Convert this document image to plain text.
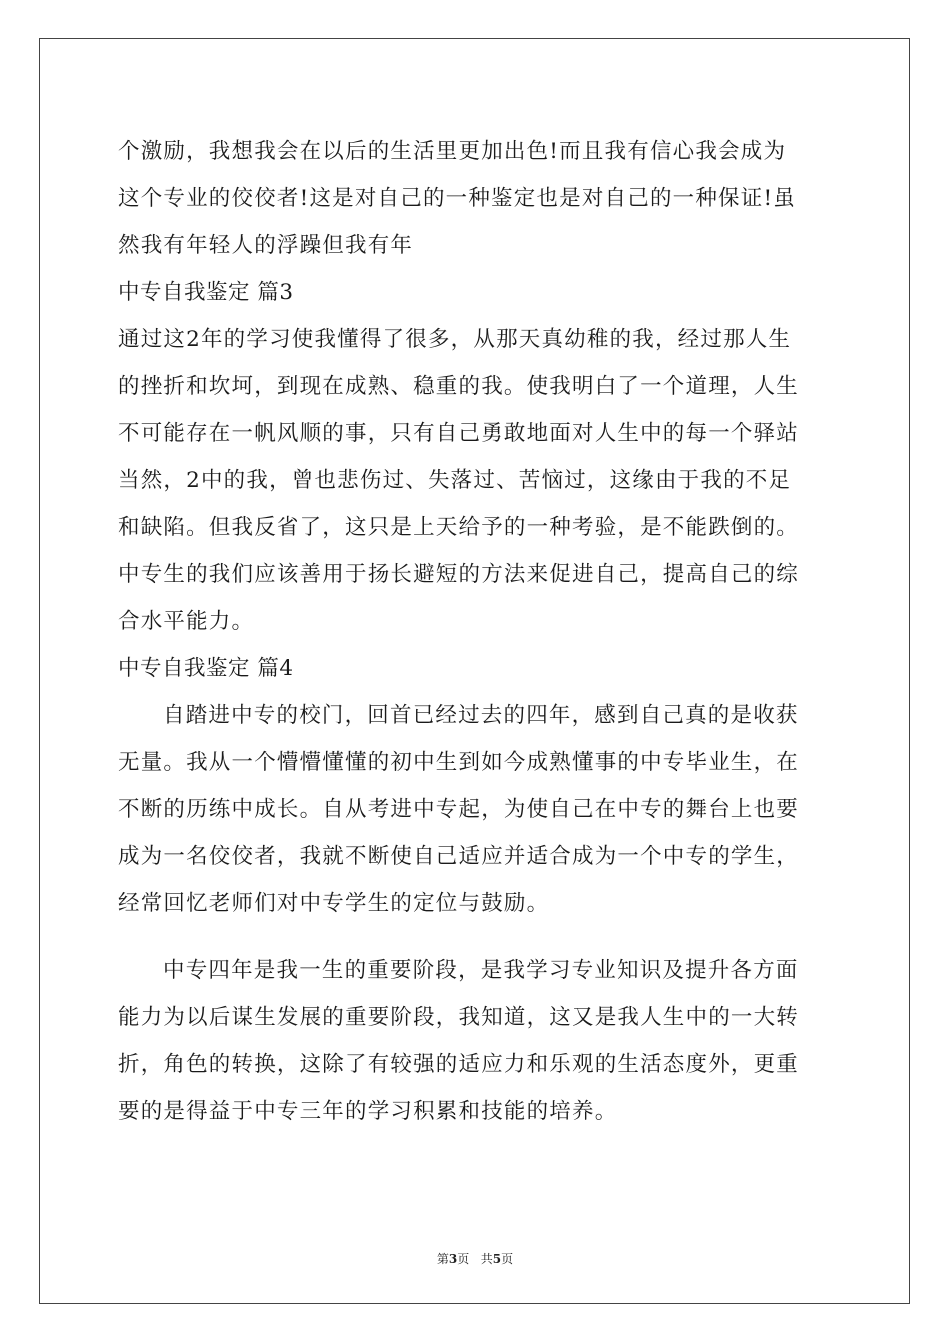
个激励，我想我会在以后的生活里更加出色!而且我有信心我会成为
这个专业的佼佼者!这是对自己的一种鉴定也是对自己的一种保证!虽
然我有年轻人的浮躁但我有年
中专自我鉴定 篇3
通过这2年的学习使我懂得了很多，从那天真幼稚的我，经过那人生
的挫折和坎坷，到现在成熟、稳重的我。使我明白了一个道理，人生
不可能存在一帆风顺的事，只有自己勇敢地面对人生中的每一个驿站
当然，2中的我，曾也悲伤过、失落过、苦恼过，这缘由于我的不足
和缺陷。但我反省了，这只是上天给予的一种考验，是不能跌倒的。
中专生的我们应该善用于扬长避短的方法来促进自己，提高自己的综
合水平能力。
中专自我鉴定 篇4
自踏进中专的校门，回首已经过去的四年，感到自己真的是收获
无量。我从一个懵懵懂懂的初中生到如今成熟懂事的中专毕业生，在
不断的历练中成长。自从考进中专起，为使自己在中专的舞台上也要
成为一名佼佼者，我就不断使自己适应并适合成为一个中专的学生，
经常回忆老师们对中专学生的定位与鼓励。
中专四年是我一生的重要阶段，是我学习专业知识及提升各方面
能力为以后谋生发展的重要阶段，我知道，这又是我人生中的一大转
折，角色的转换，这除了有较强的适应力和乐观的生活态度外，更重
要的是得益于中专三年的学习积累和技能的培养。
第3页 共5页
